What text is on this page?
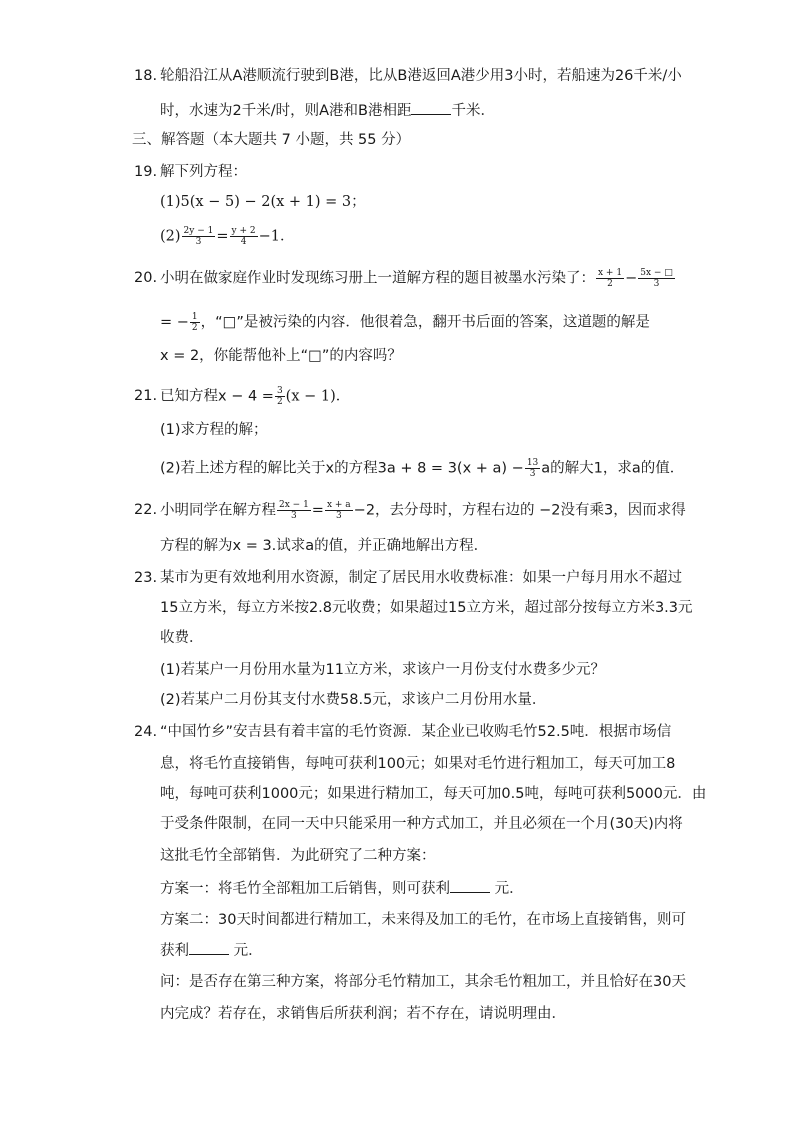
18. 轮船沿江从A港顺流行驶到B港，比从B港返回A港少用3小时，若船速为26千米/小
时，水速为2千米/时，则A港和B港相距	千米．
三、解答题（本大题共 7 小题，共 55 分）
19. 解下列方程：
(1)5(x − 5) − 2(x + 1) = 3；
$(2) \frac{2y - 1}{3} = \frac{y + 2}{4} -1$．
20. 小明在做家庭作业时发现练习册上一道解方程的题目被墨水污染了： $\frac{x + 1}{2} - \frac{5x - □}{3}$
= − $\frac{1}{2}$ ，“□”是被污染的内容．他很着急，翻开书后面的答案，这道题的解是
x = 2，你能帮他补上“□”的内容吗？
21. 已知方程$x - 4 = \frac{3}{2} (x - 1)$．
(1)求方程的解；
(2)若上述方程的解比关于x的方程$3a + 8 = 3(x + a) - \frac{13}{3}$ a的解大1，求a的值．
22. 小明同学在解方程 $\frac{2x - 1}{3} = \frac{x + a}{3} -2$，去分母时，方程右边的 −2没有乘3，因而求得
方程的解为x = 3.试求a的值，并正确地解出方程．
23. 某市为更有效地利用水资源，制定了居民用水收费标准：如果一户每月用水不超过
15立方米，每立方米按2.8元收费；如果超过15立方米，超过部分按每立方米3.3元
收费．
(1)若某户一月份用水量为11立方米，求该户一月份支付水费多少元？
(2)若某户二月份其支付水费58.5元，求该户二月份用水量．
24. “中国竹乡”安吉县有着丰富的毛竹资源．某企业已收购毛竹52.5吨．根据市场信
息，将毛竹直接销售，每吨可获利100元；如果对毛竹进行粗加工，每天可加工8
吨，每吨可获利1000元；如果进行精加工，每天可加0.5吨，每吨可获利5000元．由
于受条件限制，在同一天中只能采用一种方式加工，并且必须在一个月(30天)内将
这批毛竹全部销售．为此研究了二种方案：
方案一：将毛竹全部粗加工后销售，则可获利	元．
方案二：30天时间都进行精加工，未来得及加工的毛竹，在市场上直接销售，则可
获利	元．
问：是否存在第三种方案，将部分毛竹精加工，其余毛竹粗加工，并且恰好在30天
内完成？若存在，求销售后所获利润；若不存在，请说明理由．
